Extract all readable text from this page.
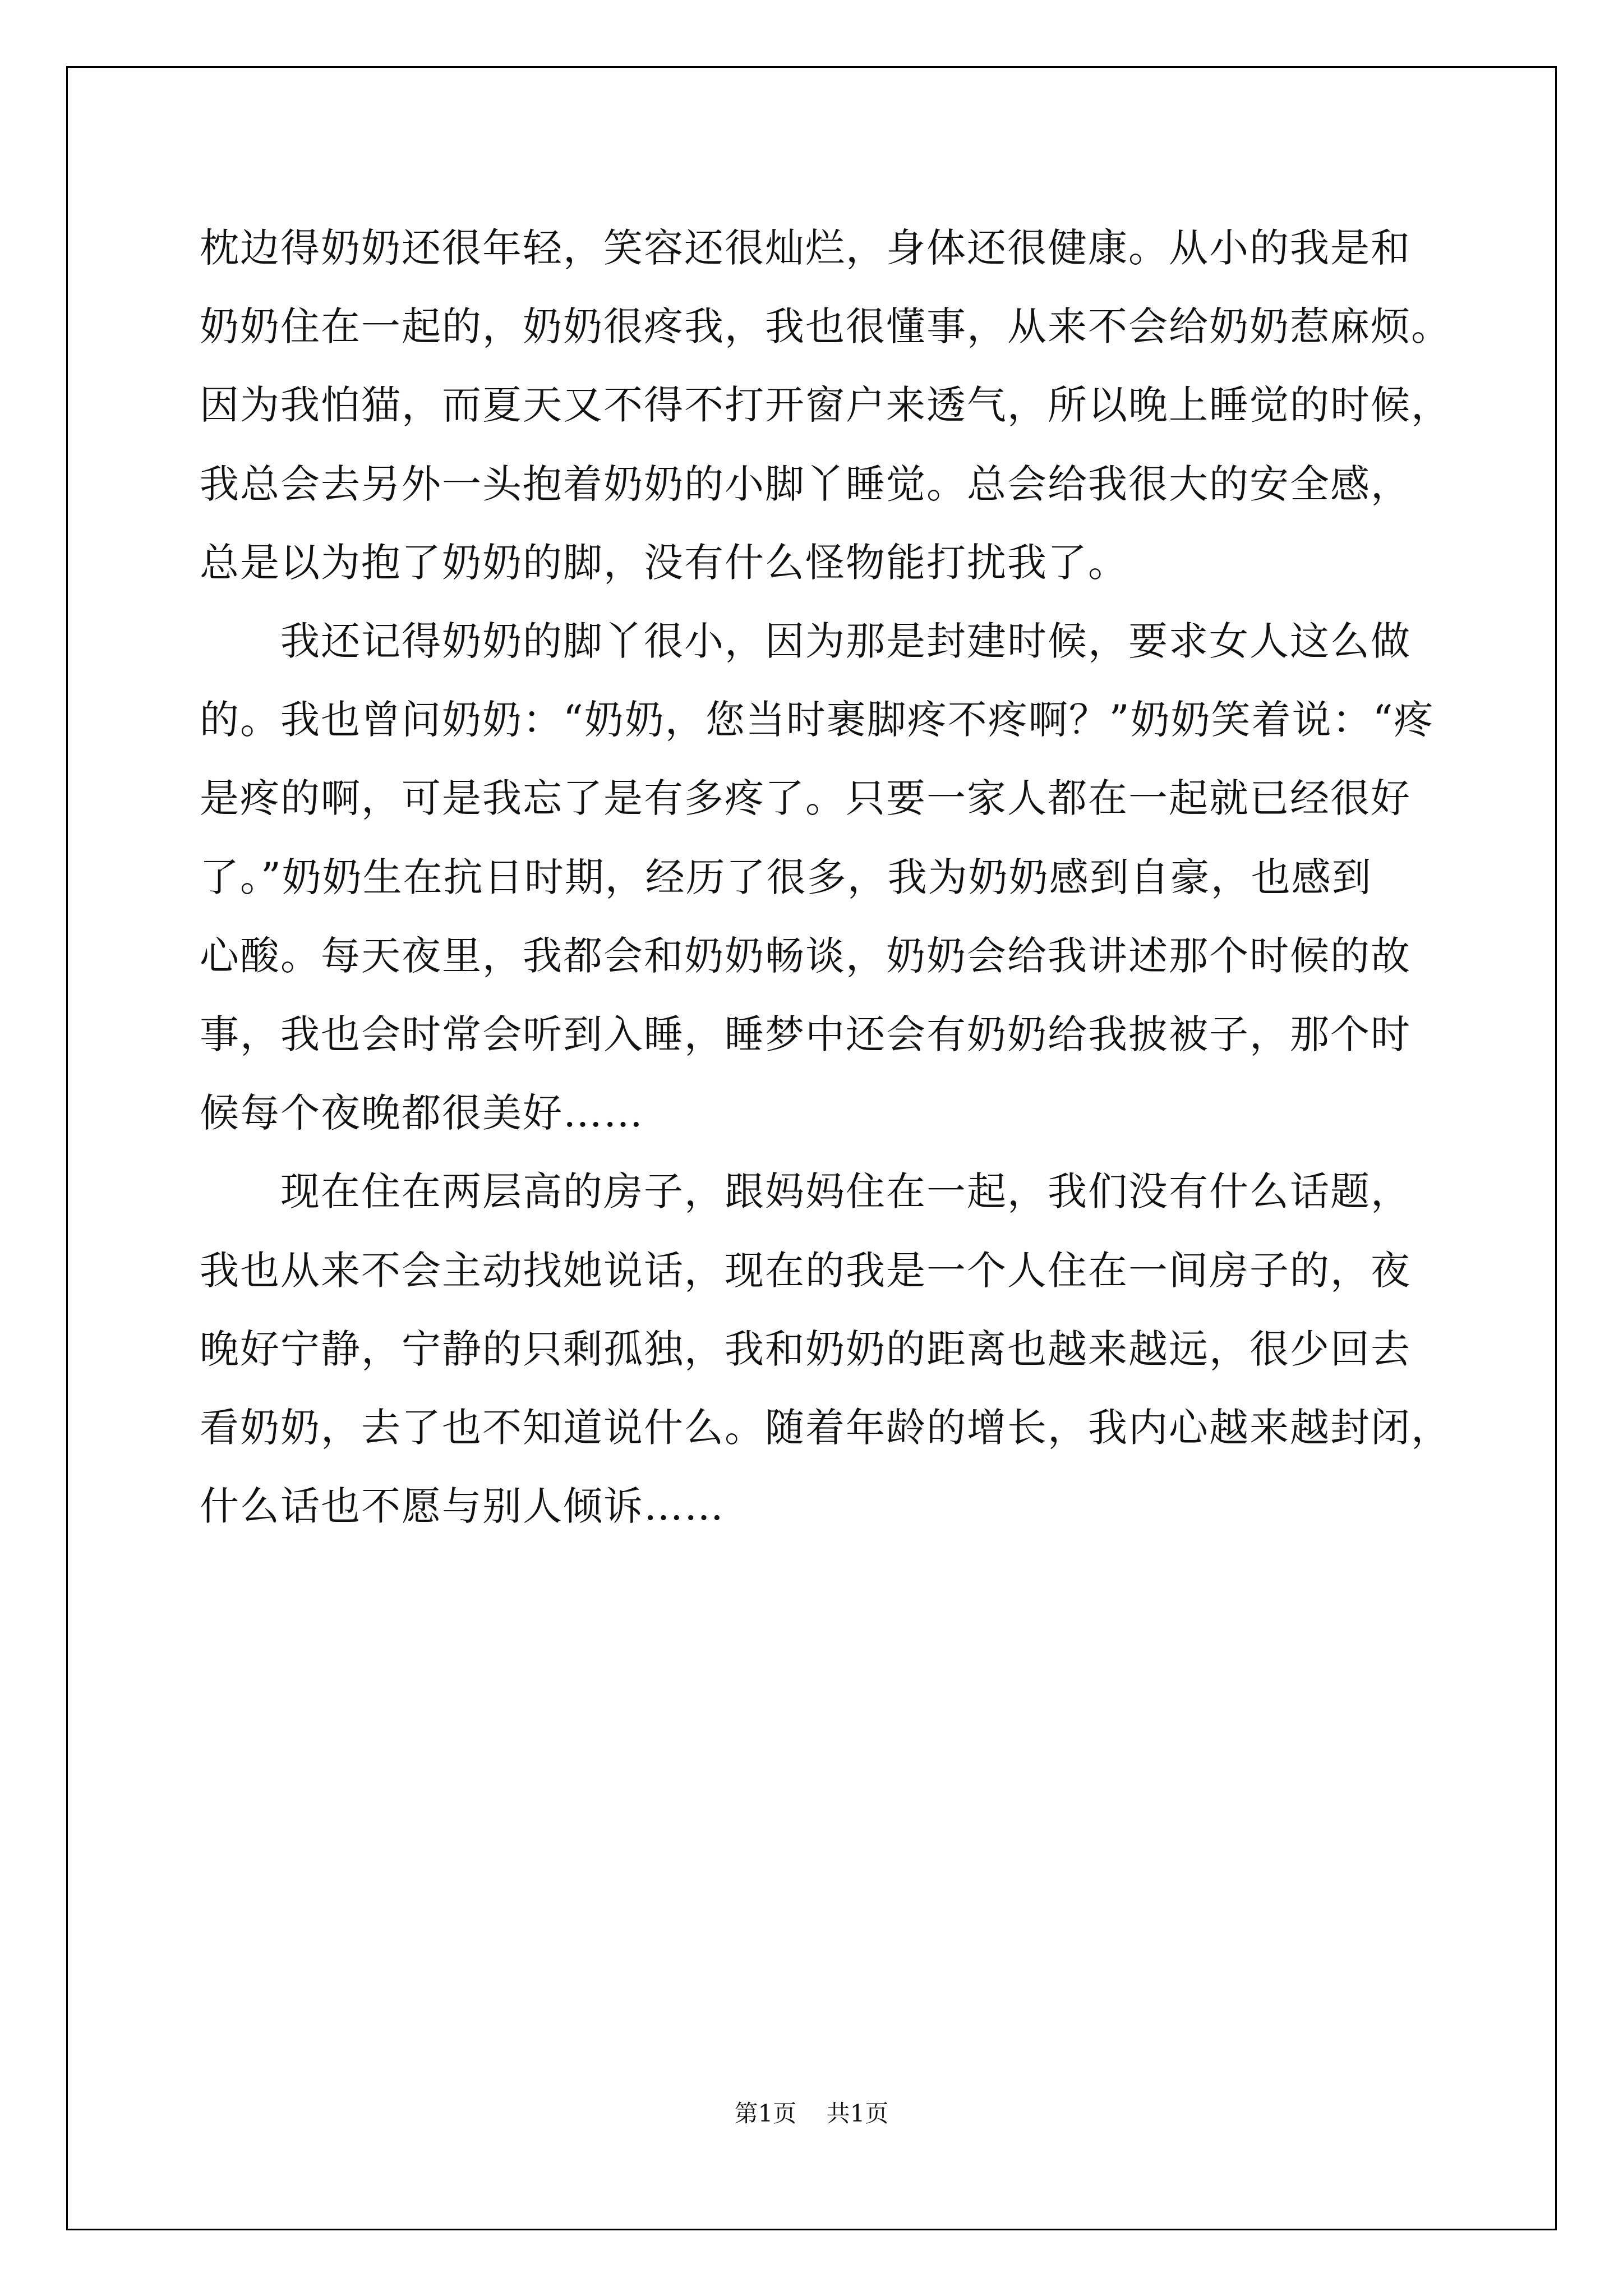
枕边得奶奶还很年轻，笑容还很灿烂，身体还很健康。从小的我是和
奶奶住在一起的，奶奶很疼我，我也很懂事，从来不会给奶奶惹麻烦。
因为我怕猫，而夏天又不得不打开窗户来透气，所以晚上睡觉的时候，
我总会去另外一头抱着奶奶的小脚丫睡觉。总会给我很大的安全感，
总是以为抱了奶奶的脚，没有什么怪物能打扰我了。
我还记得奶奶的脚丫很小，因为那是封建时候，要求女人这么做
的。我也曾问奶奶：“奶奶，您当时裹脚疼不疼啊？”奶奶笑着说：“疼
是疼的啊，可是我忘了是有多疼了。只要一家人都在一起就已经很好
了。”奶奶生在抗日时期，经历了很多，我为奶奶感到自豪，也感到
心酸。每天夜里，我都会和奶奶畅谈，奶奶会给我讲述那个时候的故
事，我也会时常会听到入睡，睡梦中还会有奶奶给我披被子，那个时
候每个夜晚都很美好……
现在住在两层高的房子，跟妈妈住在一起，我们没有什么话题，
我也从来不会主动找她说话，现在的我是一个人住在一间房子的，夜
晚好宁静，宁静的只剩孤独，我和奶奶的距离也越来越远，很少回去
看奶奶，去了也不知道说什么。随着年龄的增长，我内心越来越封闭，
什么话也不愿与别人倾诉……
第1页    共1页
